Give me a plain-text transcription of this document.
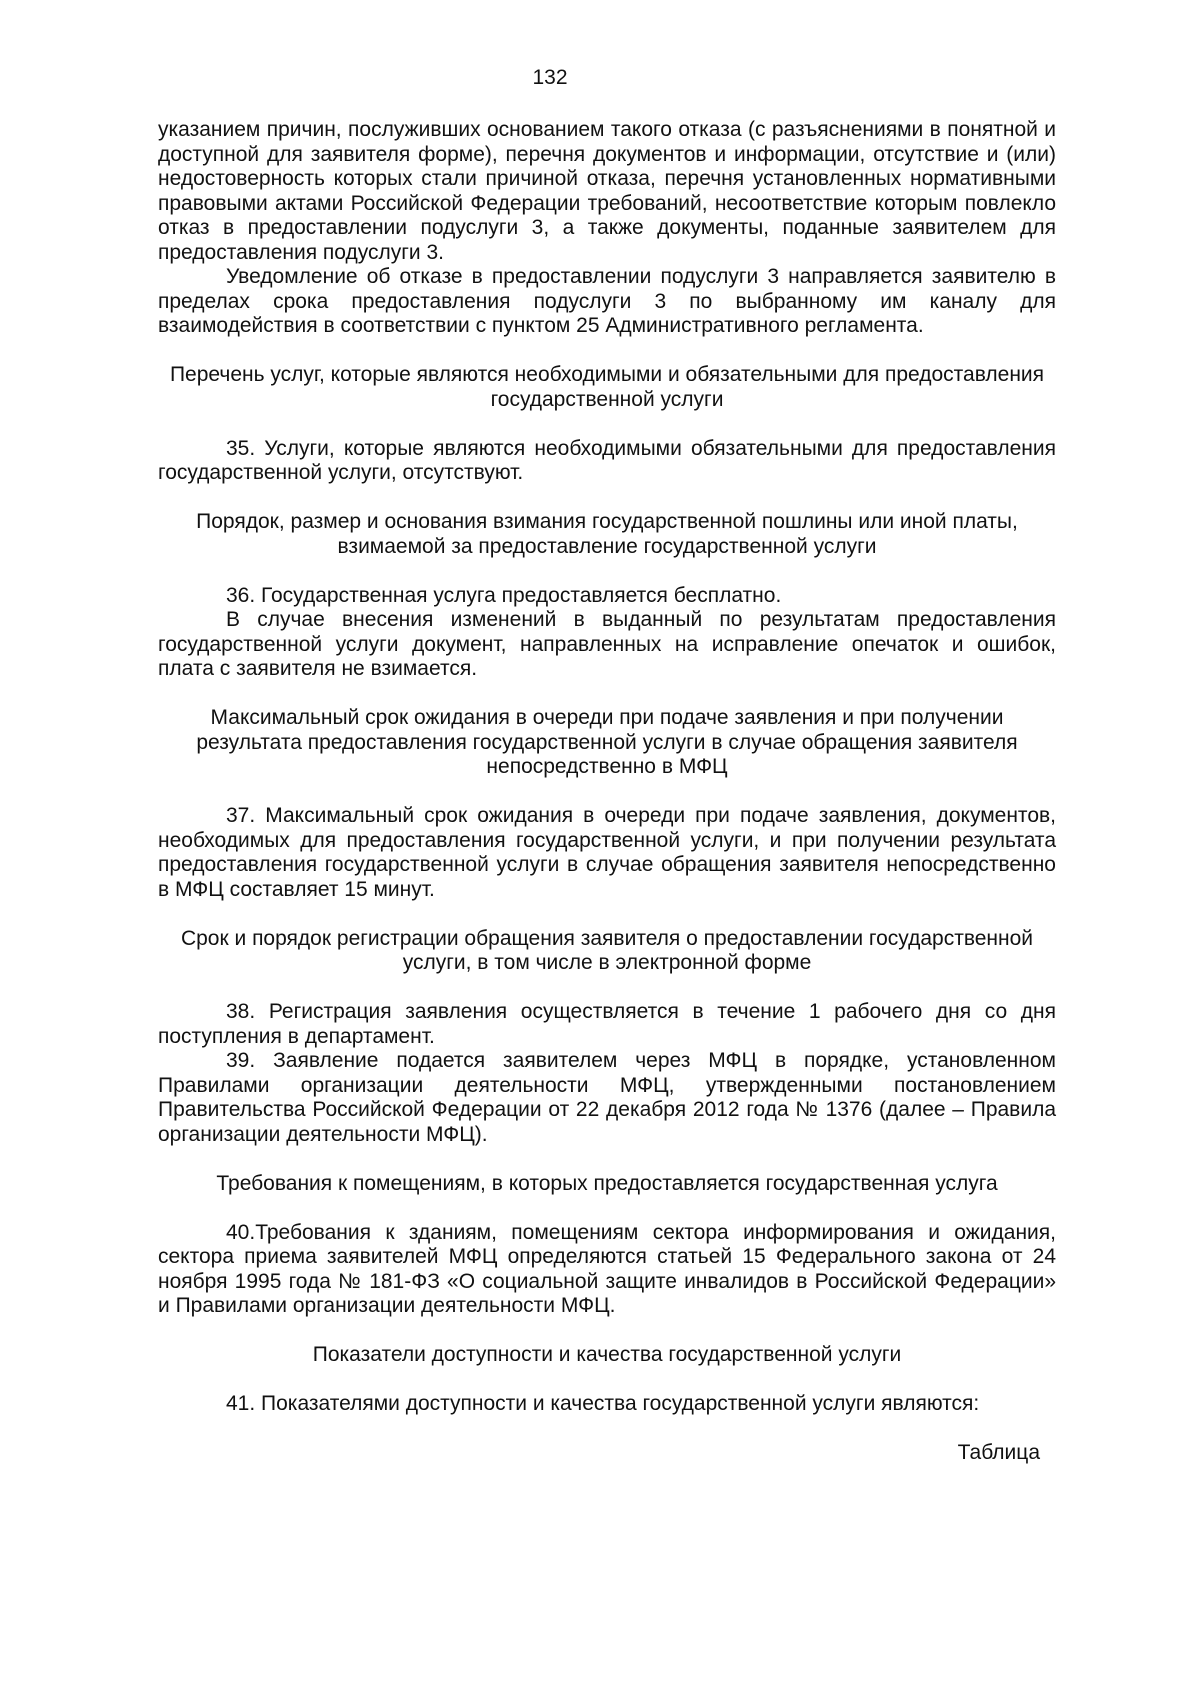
132

указанием причин, послуживших основанием такого отказа (с разъяснениями в понятной и доступной для заявителя форме), перечня документов и информации, отсутствие и (или) недостоверность которых стали причиной отказа, перечня установленных нормативными правовыми актами Российской Федерации требований, несоответствие которым повлекло отказ в предоставлении подуслуги 3, а также документы, поданные заявителем для предоставления подуслуги 3.

Уведомление об отказе в предоставлении подуслуги 3 направляется заявителю в пределах срока предоставления подуслуги 3 по выбранному им каналу для взаимодействия в соответствии с пунктом 25 Административного регламента.

Перечень услуг, которые являются необходимыми и обязательными для предоставления государственной услуги

35. Услуги, которые являются необходимыми обязательными для предоставления государственной услуги, отсутствуют.

Порядок, размер и основания взимания государственной пошлины или иной платы, взимаемой за предоставление государственной услуги

36. Государственная услуга предоставляется бесплатно.

В случае внесения изменений в выданный по результатам предоставления государственной услуги документ, направленных на исправление опечаток и ошибок, плата с заявителя не взимается.

Максимальный срок ожидания в очереди при подаче заявления и при получении результата предоставления государственной услуги в случае обращения заявителя непосредственно в МФЦ

37. Максимальный срок ожидания в очереди при подаче заявления, документов, необходимых для предоставления государственной услуги, и при получении результата предоставления государственной услуги в случае обращения заявителя непосредственно в МФЦ составляет 15 минут.

Срок и порядок регистрации обращения заявителя о предоставлении государственной услуги, в том числе в электронной форме

38. Регистрация заявления осуществляется в течение 1 рабочего дня со дня поступления в департамент.

39. Заявление подается заявителем через МФЦ в порядке, установленном Правилами организации деятельности МФЦ, утвержденными постановлением Правительства Российской Федерации от 22 декабря 2012 года № 1376 (далее – Правила организации деятельности МФЦ).

Требования к помещениям, в которых предоставляется государственная услуга

40.Требования к зданиям, помещениям сектора информирования и ожидания, сектора приема заявителей МФЦ определяются статьей 15 Федерального закона от 24 ноября 1995 года № 181-ФЗ «О социальной защите инвалидов в Российской Федерации» и Правилами организации деятельности МФЦ.

Показатели доступности и качества государственной услуги

41. Показателями доступности и качества государственной услуги являются:

Таблица
